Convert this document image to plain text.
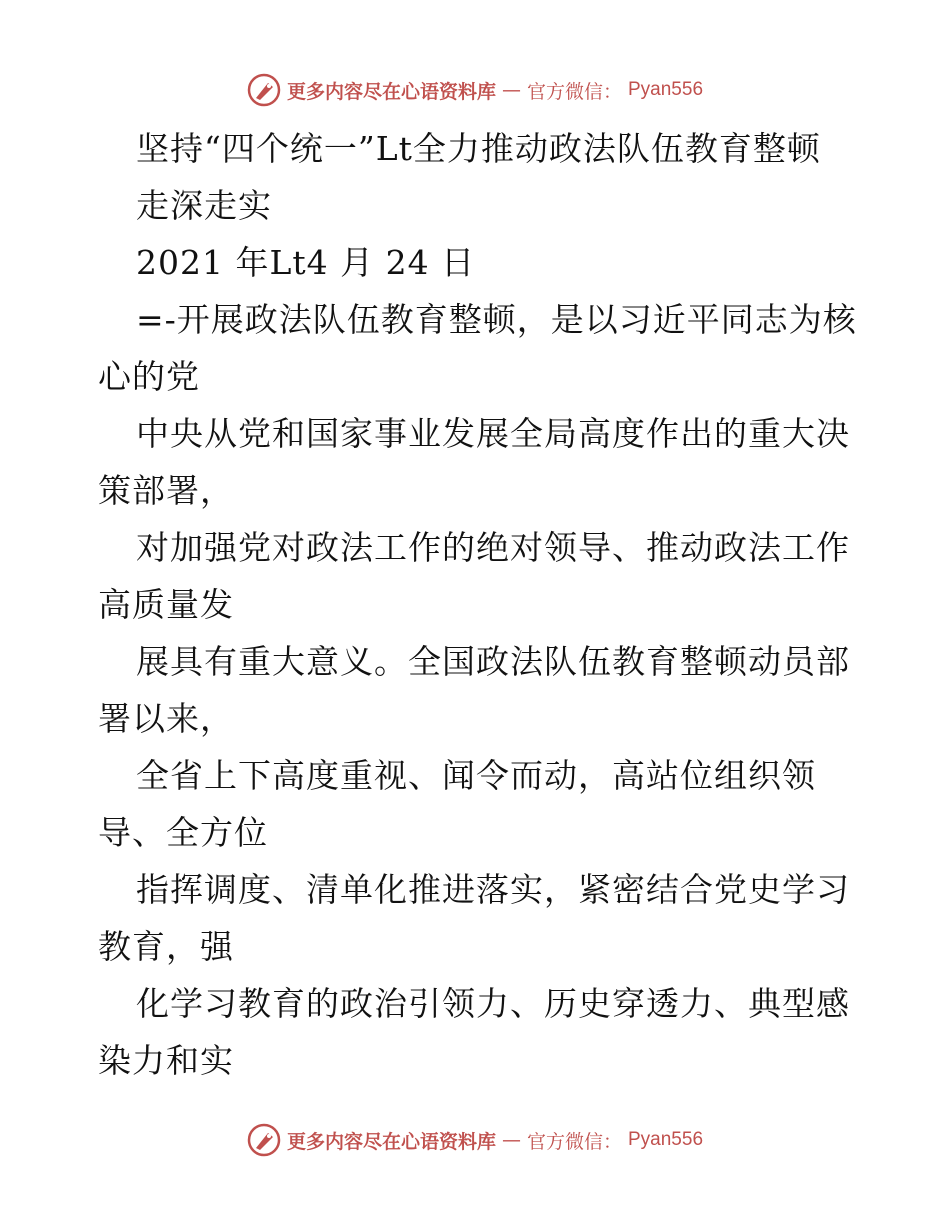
更多内容尽在心语资料库 — 官方微信： Pyan556
坚持“四个统一”Lt全力推动政法队伍教育整顿
走深走实
2021 年Lt4 月 24 日
=-开展政法队伍教育整顿，是以习近平同志为核
心的党
中央从党和国家事业发展全局高度作出的重大决
策部署，
对加强党对政法工作的绝对领导、推动政法工作
高质量发
展具有重大意义。全国政法队伍教育整顿动员部
署以来，
全省上下高度重视、闻令而动，高站位组织领
导、全方位
指挥调度、清单化推进落实，紧密结合党史学习
教育，强
化学习教育的政治引领力、历史穿透力、典型感
染力和实
更多内容尽在心语资料库 — 官方微信： Pyan556
